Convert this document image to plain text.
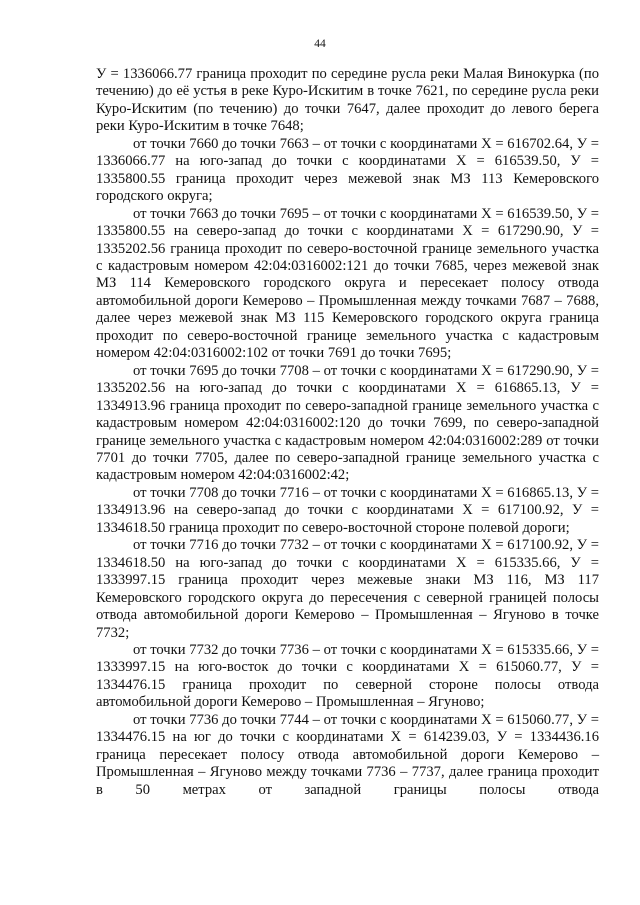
44

У = 1336066.77 граница проходит по середине русла реки Малая Винокурка (по течению) до её устья в реке Куро-Искитим в точке 7621, по середине русла реки Куро-Искитим (по течению) до точки 7647, далее проходит до левого берега реки Куро-Искитим в точке 7648;

от точки 7660 до точки 7663 – от точки с координатами Х = 616702.64, У = 1336066.77 на юго-запад до точки с координатами Х = 616539.50, У = 1335800.55 граница проходит через межевой знак МЗ 113 Кемеровского городского округа;

от точки 7663 до точки 7695 – от точки с координатами Х = 616539.50, У = 1335800.55 на северо-запад до точки с координатами Х = 617290.90, У = 1335202.56 граница проходит по северо-восточной границе земельного участка с кадастровым номером 42:04:0316002:121 до точки 7685, через межевой знак МЗ 114 Кемеровского городского округа и пересекает полосу отвода автомобильной дороги Кемерово – Промышленная между точками 7687 – 7688, далее через межевой знак МЗ 115 Кемеровского городского округа граница проходит по северо-восточной границе земельного участка с кадастровым номером 42:04:0316002:102 от точки 7691 до точки 7695;

от точки 7695 до точки 7708 – от точки с координатами Х = 617290.90, У = 1335202.56 на юго-запад до точки с координатами Х = 616865.13, У = 1334913.96 граница проходит по северо-западной границе земельного участка с кадастровым номером 42:04:0316002:120 до точки 7699, по северо-западной границе земельного участка с кадастровым номером 42:04:0316002:289 от точки 7701 до точки 7705, далее по северо-западной границе земельного участка с кадастровым номером 42:04:0316002:42;

от точки 7708 до точки 7716 – от точки с координатами Х = 616865.13, У = 1334913.96 на северо-запад до точки с координатами Х = 617100.92, У = 1334618.50 граница проходит по северо-восточной стороне полевой дороги;

от точки 7716 до точки 7732 – от точки с координатами Х = 617100.92, У = 1334618.50 на юго-запад до точки с координатами Х = 615335.66, У = 1333997.15 граница проходит через межевые знаки МЗ 116, МЗ 117 Кемеровского городского округа до пересечения с северной границей полосы отвода автомобильной дороги Кемерово – Промышленная – Ягуново в точке 7732;

от точки 7732 до точки 7736 – от точки с координатами Х = 615335.66, У = 1333997.15 на юго-восток до точки с координатами Х = 615060.77, У = 1334476.15 граница проходит по северной стороне полосы отвода автомобильной дороги Кемерово – Промышленная – Ягуново;

от точки 7736 до точки 7744 – от точки с координатами Х = 615060.77, У = 1334476.15 на юг до точки с координатами Х = 614239.03, У = 1334436.16 граница пересекает полосу отвода автомобильной дороги Кемерово – Промышленная – Ягуново между точками 7736 – 7737, далее граница проходит в 50 метрах от западной границы полосы отвода
